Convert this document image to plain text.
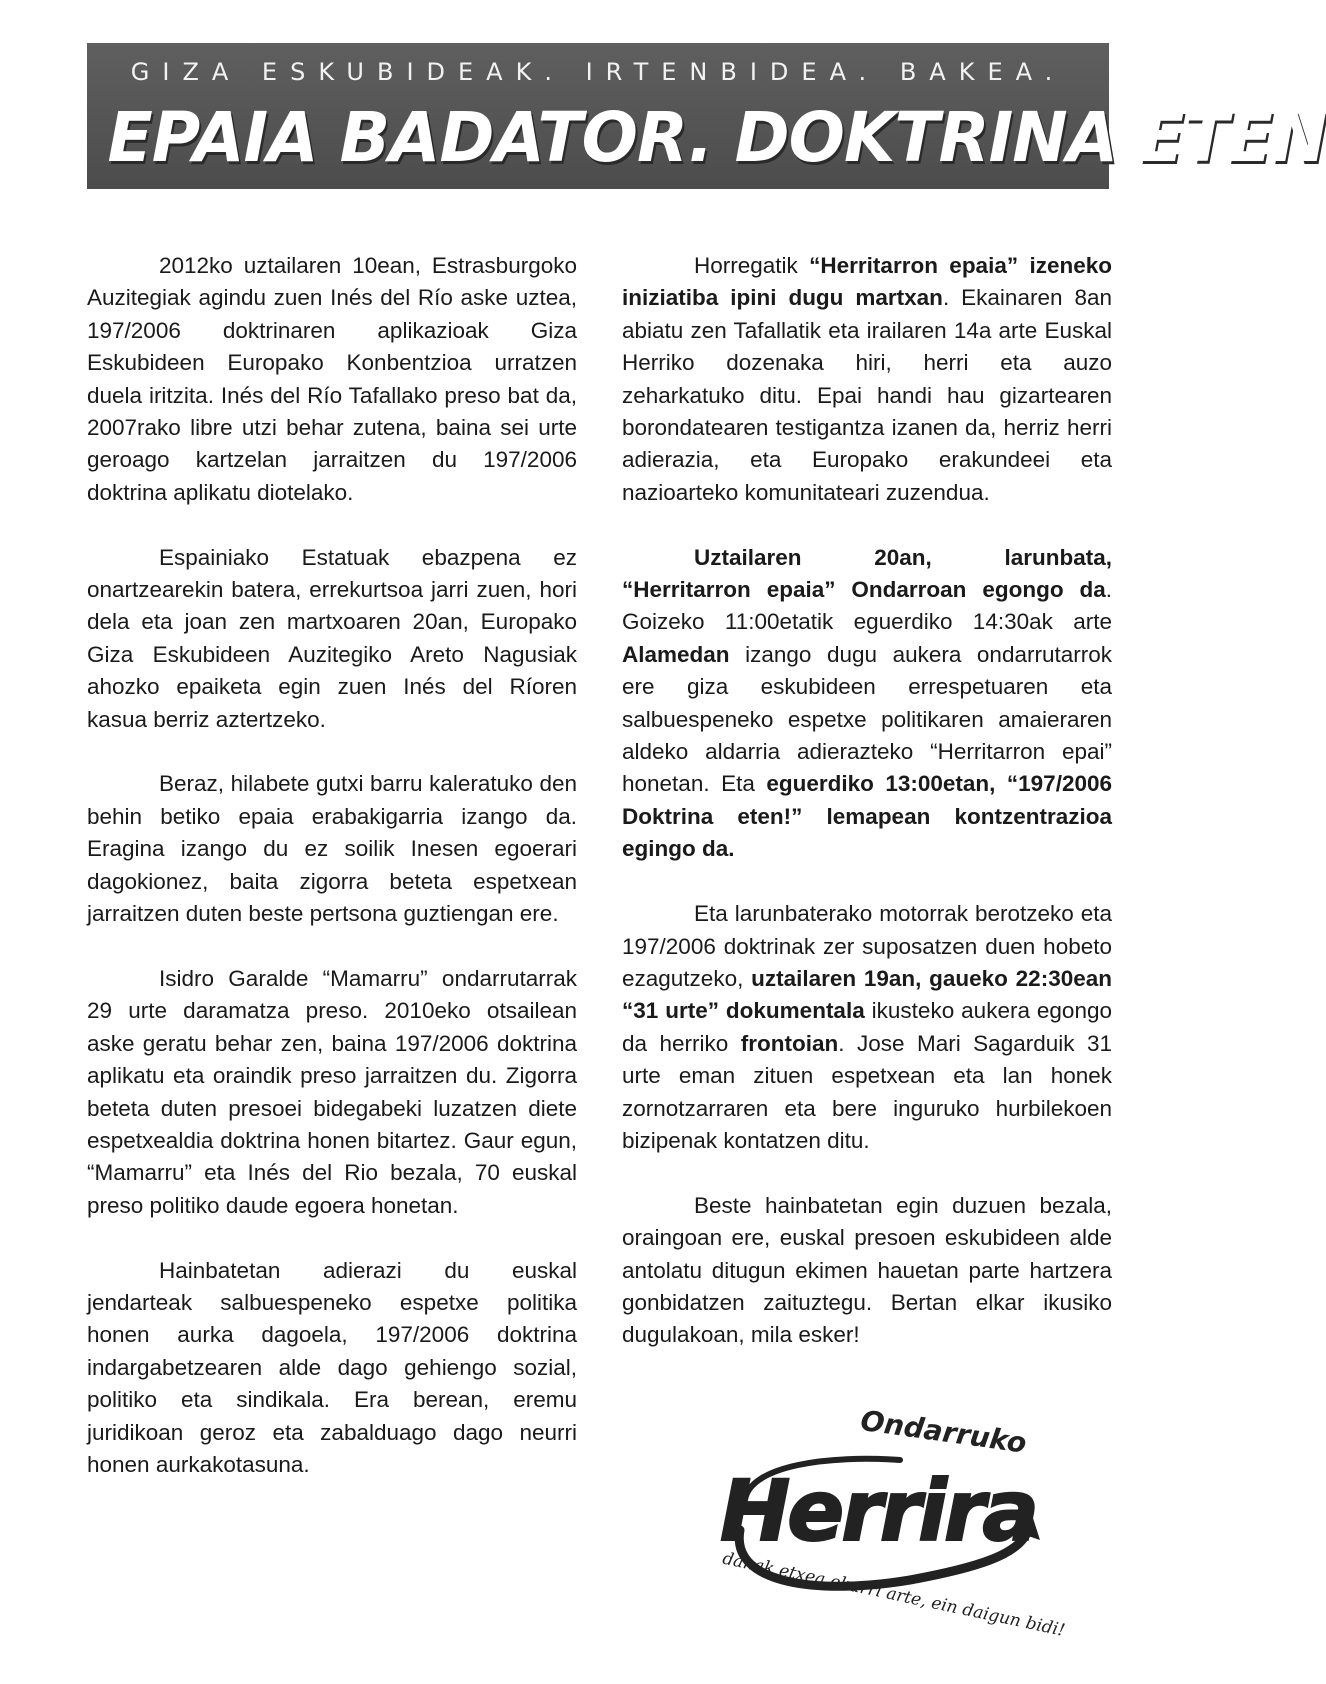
GIZA ESKUBIDEAK. IRTENBIDEA. BAKEA.
EPAIA BADATOR. DOKTRINA ETEN

2012ko uztailaren 10ean, Estrasburgoko Auzitegiak agindu zuen Inés del Río aske uztea, 197/2006 doktrinaren aplikazioak Giza Eskubideen Europako Konbentzioa urratzen duela iritzita. Inés del Río Tafallako preso bat da, 2007rako libre utzi behar zutena, baina sei urte geroago kartzelan jarraitzen du 197/2006 doktrina aplikatu diotelako.

Espainiako Estatuak ebazpena ez onartzearekin batera, errekurtsoa jarri zuen, hori dela eta joan zen martxoaren 20an, Europako Giza Eskubideen Auzitegiko Areto Nagusiak ahozko epaiketa egin zuen Inés del Ríoren kasua berriz aztertzeko.

Beraz, hilabete gutxi barru kaleratuko den behin betiko epaia erabakigarria izango da. Eragina izango du ez soilik Inesen egoerari dagokionez, baita zigorra beteta espetxean jarraitzen duten beste pertsona guztiengan ere.

Isidro Garalde “Mamarru” ondarrutarrak 29 urte daramatza preso. 2010eko otsailean aske geratu behar zen, baina 197/2006 doktrina aplikatu eta oraindik preso jarraitzen du. Zigorra beteta duten presoei bidegabeki luzatzen diete espetxealdia doktrina honen bitartez. Gaur egun, “Mamarru” eta Inés del Rio bezala, 70 euskal preso politiko daude egoera honetan.

Hainbatetan adierazi du euskal jendarteak salbuespeneko espetxe politika honen aurka dagoela, 197/2006 doktrina indargabetzearen alde dago gehiengo sozial, politiko eta sindikala. Era berean, eremu juridikoan geroz eta zabalduago dago neurri honen aurkakotasuna.

Horregatik “Herritarron epaia” izeneko iniziatiba ipini dugu martxan. Ekainaren 8an abiatu zen Tafallatik eta irailaren 14a arte Euskal Herriko dozenaka hiri, herri eta auzo zeharkatuko ditu. Epai handi hau gizartearen borondatearen testigantza izanen da, herriz herri adierazia, eta Europako erakundeei eta nazioarteko komunitateari zuzendua.

Uztailaren 20an, larunbata, “Herritarron epaia” Ondarroan egongo da. Goizeko 11:00etatik eguerdiko 14:30ak arte Alamedan izango dugu aukera ondarrutarrok ere giza eskubideen errespetuaren eta salbuespeneko espetxe politikaren amaieraren aldeko aldarria adierazteko “Herritarron epai” honetan. Eta eguerdiko 13:00etan, “197/2006 Doktrina eten!” lemapean kontzentrazioa egingo da.

Eta larunbaterako motorrak berotzeko eta 197/2006 doktrinak zer suposatzen duen hobeto ezagutzeko, uztailaren 19an, gaueko 22:30ean “31 urte” dokumentala ikusteko aukera egongo da herriko frontoian. Jose Mari Sagarduik 31 urte eman zituen espetxean eta lan honek zornotzarraren eta bere inguruko hurbilekoen bizipenak kontatzen ditu.

Beste hainbatetan egin duzuen bezala, oraingoan ere, euskal presoen eskubideen alde antolatu ditugun ekimen hauetan parte hartzera gonbidatzen zaituztegu. Bertan elkar ikusiko dugulakoan, mila esker!

Ondarruko
Herrira
danak etxea ekarri arte, ein daigun bidi!
